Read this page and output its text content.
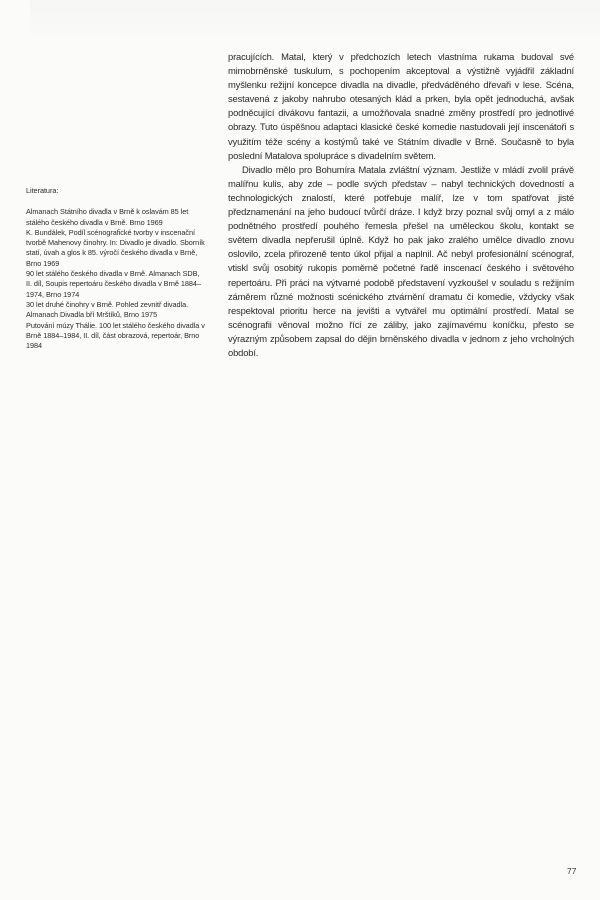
Literatura:

Almanach Státního divadla v Brně k oslavám 85 let stálého českého divadla v Brně. Brno 1969

K. Bundálek, Podíl scénografické tvorby v inscenační tvorbě Mahenovy činohry. In: Divadlo je divadlo. Sborník statí, úvah a glos k 85. výročí českého divadla v Brně, Brno 1969

90 let stálého českého divadla v Brně. Almanach SDB, II. díl, Soupis repertoáru českého divadla v Brně 1884–1974, Brno 1974

30 let druhé činohry v Brně. Pohled zevnitř divadla. Almanach Divadla bří Mrštíků, Brno 1975

Putování múzy Thálie. 100 let stálého českého divadla v Brně 1884–1984, II. díl, část obrazová, repertoár, Brno 1984

pracujících. Matal, který v předchozích letech vlastníma rukama budoval své mimobrněnské tuskulum, s pochopením akceptoval a výstižně vyjádřil základní myšlenku režijní koncepce divadla na divadle, předváděného dřevaři v lese. Scéna, sestavená z jakoby nahrubo otesaných klád a prken, byla opět jednoduchá, avšak podněcující divákovu fantazii, a umožňovala snadné změny prostředí pro jednotlivé obrazy. Tuto úspěšnou adaptaci klasické české komedie nastudovali její inscenátoři s využitím téže scény a kostýmů také ve Státním divadle v Brně. Současně to byla poslední Matalova spolupráce s divadelním světem.

Divadlo mělo pro Bohumíra Matala zvláštní význam. Jestliže v mládí zvolil právě malířnu kulis, aby zde – podle svých představ – nabyl technických dovedností a technologických znalostí, které potřebuje malíř, lze v tom spatřovat jisté předznamenání na jeho budoucí tvůrčí dráze. I když brzy poznal svůj omyl a z málo podnětného prostředí pouhého řemesla přešel na uměleckou školu, kontakt se světem divadla nepřerušil úplně. Když ho pak jako zralého umělce divadlo znovu oslovilo, zcela přirozeně tento úkol přijal a naplnil. Ač nebyl profesionální scénograf, vtiskl svůj osobitý rukopis poměrně početné řadě inscenací českého i světového repertoáru. Při práci na výtvarné podobě představení vyzkoušel v souladu s režijním záměrem různé možnosti scénického ztvárnění dramatu či komedie, vždycky však respektoval prioritu herce na jevišti a vytvářel mu optimální prostředí. Matal se scénografii věnoval možno říci ze záliby, jako zajímavému koníčku, přesto se výrazným způsobem zapsal do dějin brněnského divadla v jednom z jeho vrcholných období.

77
